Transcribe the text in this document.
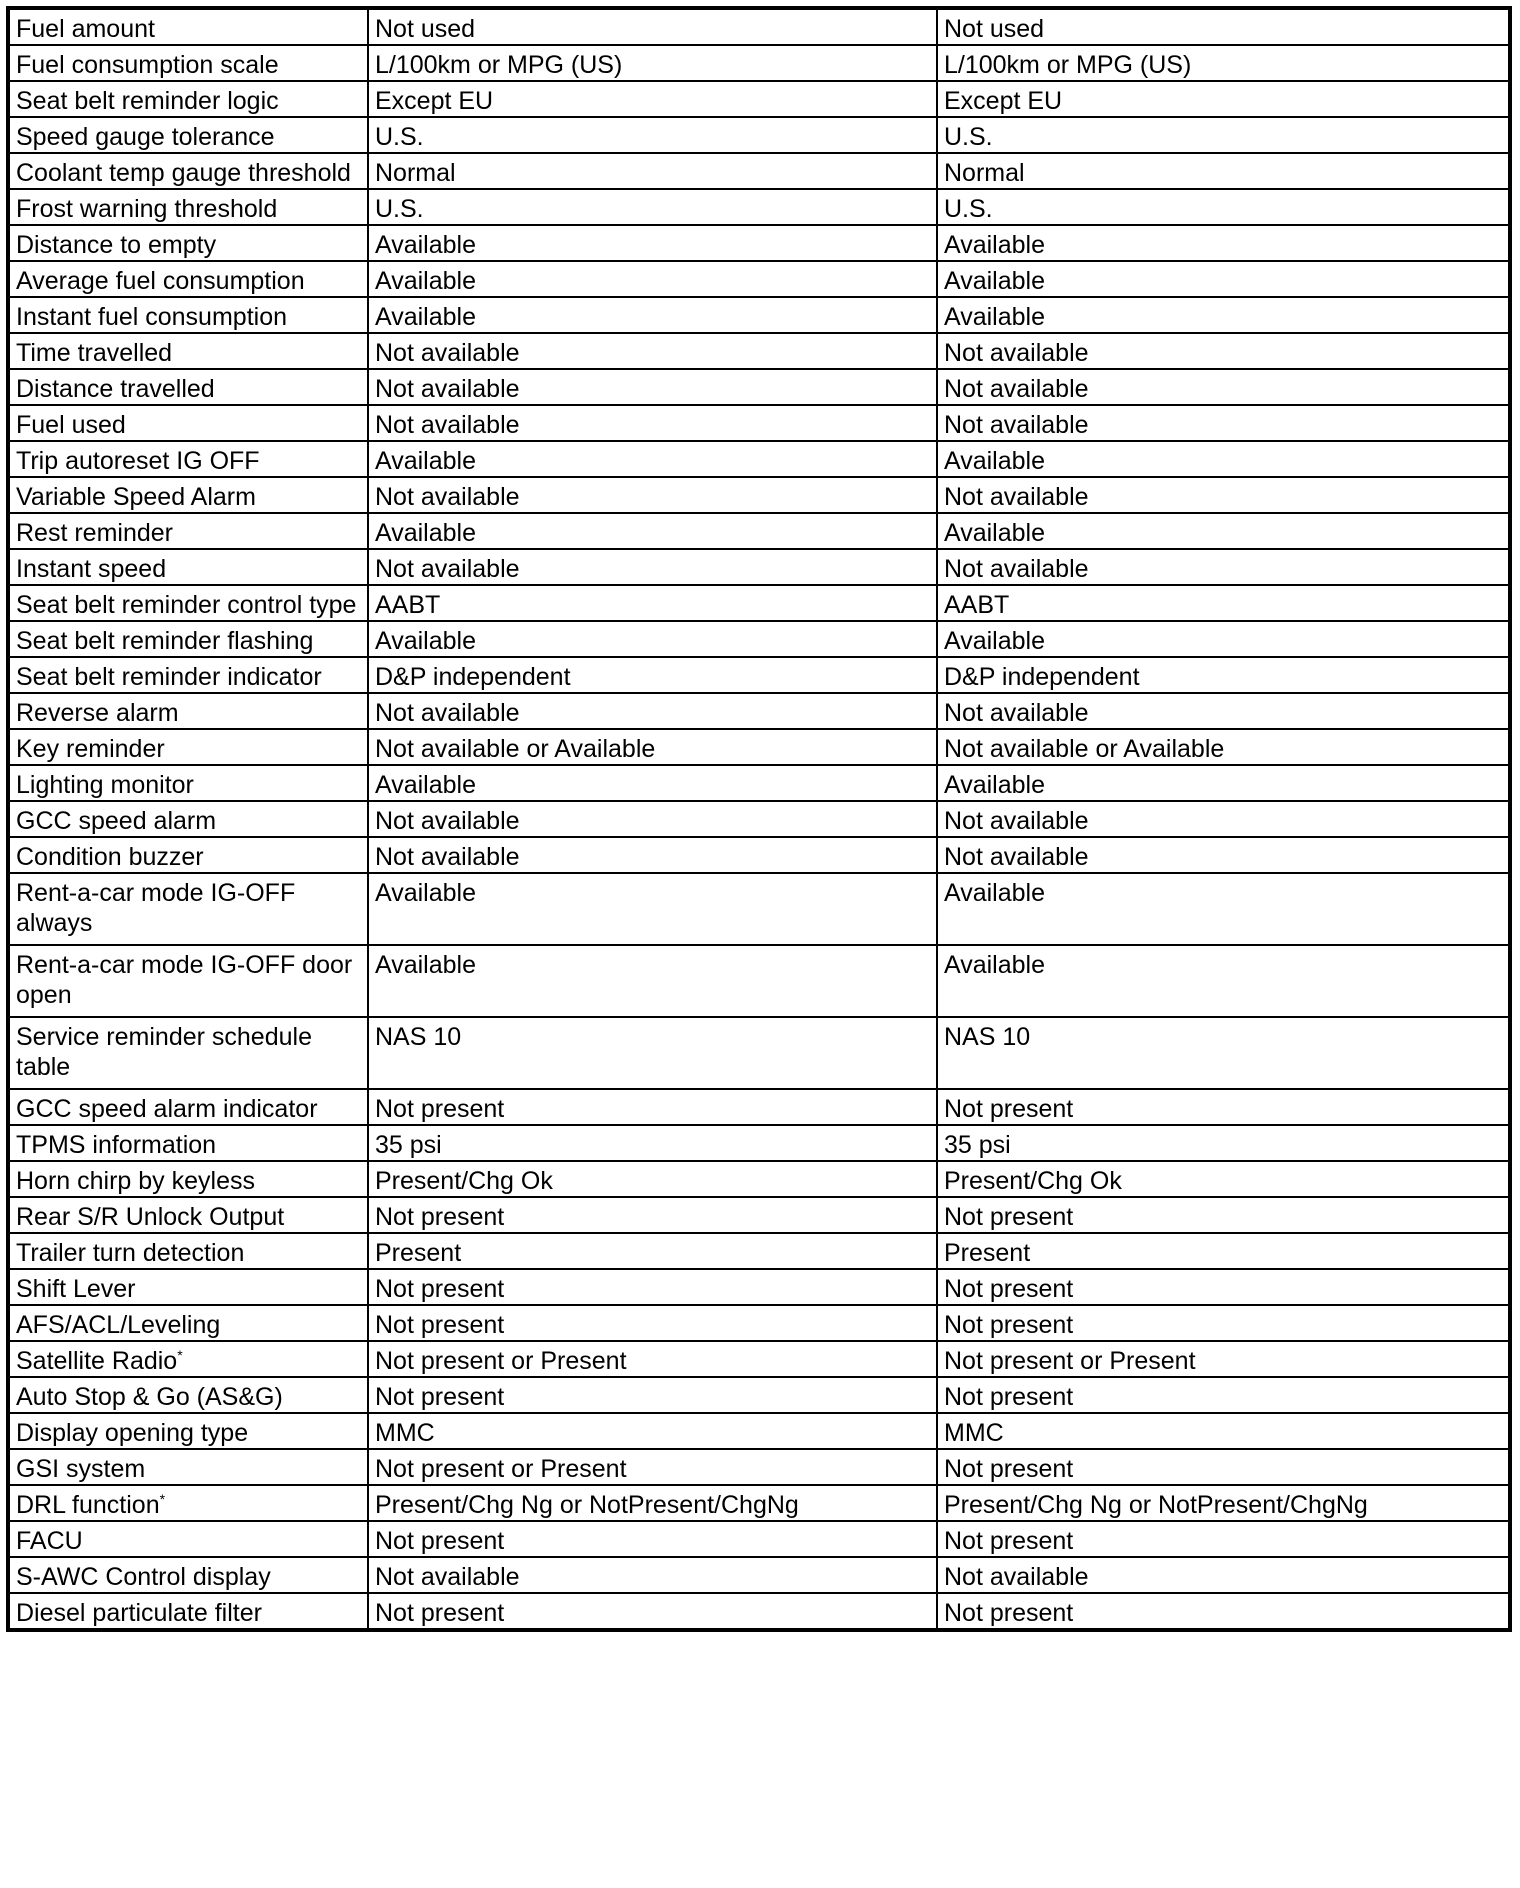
Fuel amount	Not used	Not used
Fuel consumption scale	L/100km or MPG (US)	L/100km or MPG (US)
Seat belt reminder logic	Except EU	Except EU
Speed gauge tolerance	U.S.	U.S.
Coolant temp gauge threshold	Normal	Normal
Frost warning threshold	U.S.	U.S.
Distance to empty	Available	Available
Average fuel consumption	Available	Available
Instant fuel consumption	Available	Available
Time travelled	Not available	Not available
Distance travelled	Not available	Not available
Fuel used	Not available	Not available
Trip autoreset IG OFF	Available	Available
Variable Speed Alarm	Not available	Not available
Rest reminder	Available	Available
Instant speed	Not available	Not available
Seat belt reminder control type	AABT	AABT
Seat belt reminder flashing	Available	Available
Seat belt reminder indicator	D&P independent	D&P independent
Reverse alarm	Not available	Not available
Key reminder	Not available or Available	Not available or Available
Lighting monitor	Available	Available
GCC speed alarm	Not available	Not available
Condition buzzer	Not available	Not available
Rent-a-car mode IG-OFF always	Available	Available
Rent-a-car mode IG-OFF door open	Available	Available
Service reminder schedule table	NAS 10	NAS 10
GCC speed alarm indicator	Not present	Not present
TPMS information	35 psi	35 psi
Horn chirp by keyless	Present/Chg Ok	Present/Chg Ok
Rear S/R Unlock Output	Not present	Not present
Trailer turn detection	Present	Present
Shift Lever	Not present	Not present
AFS/ACL/Leveling	Not present	Not present
Satellite Radio*	Not present or Present	Not present or Present
Auto Stop & Go (AS&G)	Not present	Not present
Display opening type	MMC	MMC
GSI system	Not present or Present	Not present
DRL function*	Present/Chg Ng or NotPresent/ChgNg	Present/Chg Ng or NotPresent/ChgNg
FACU	Not present	Not present
S-AWC Control display	Not available	Not available
Diesel particulate filter	Not present	Not present
